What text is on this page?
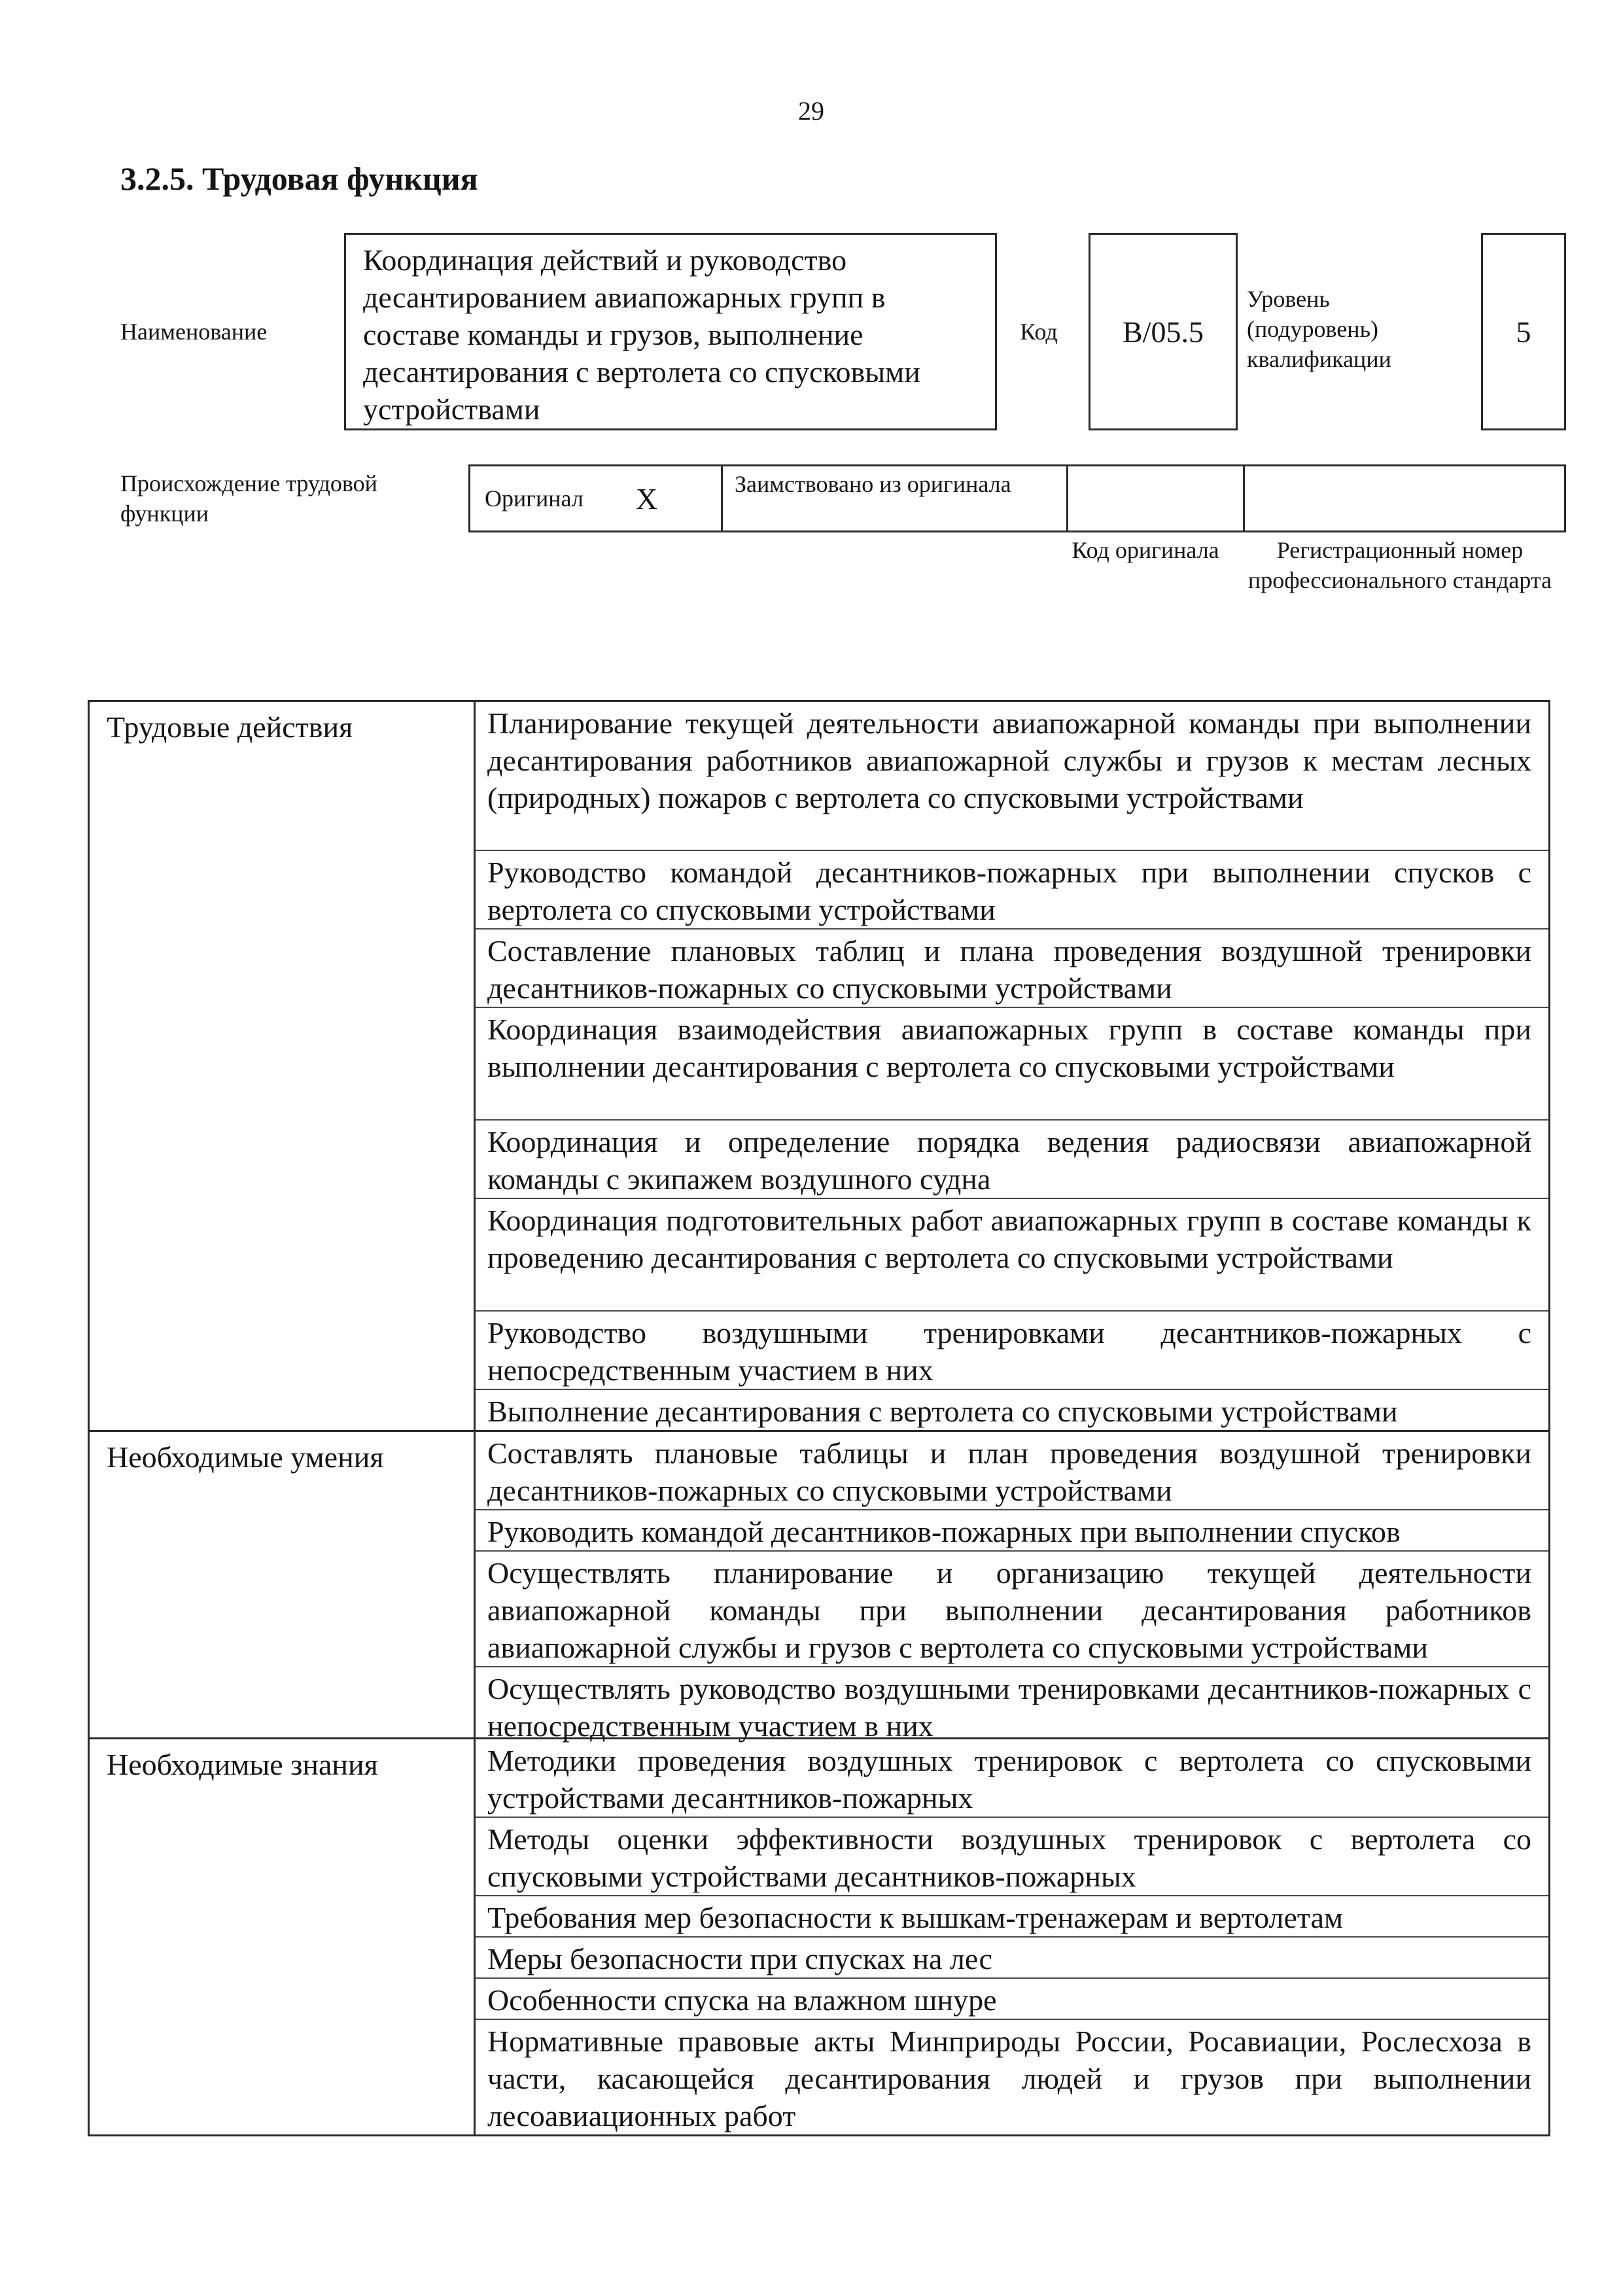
29
3.2.5. Трудовая функция
Наименование
Координация действий и руководство десантированием авиапожарных групп в составе команды и грузов, выполнение десантирования с вертолета со спусковыми устройствами
Код	В/05.5
Уровень (подуровень) квалификации
5
Происхождение трудовой функции
Оригинал X	Заимствовано из оригинала
Код оригинала	Регистрационный номер профессионального стандарта
Трудовые действия	Планирование текущей деятельности авиапожарной команды при выполнении десантирования работников авиапожарной службы и грузов к местам лесных (природных) пожаров с вертолета со спусковыми устройствами
Руководство командой десантников-пожарных при выполнении спусков с вертолета со спусковыми устройствами
Составление плановых таблиц и плана проведения воздушной тренировки десантников-пожарных со спусковыми устройствами
Координация взаимодействия авиапожарных групп в составе команды при выполнении десантирования с вертолета со спусковыми устройствами
Координация и определение порядка ведения радиосвязи авиапожарной команды с экипажем воздушного судна
Координация подготовительных работ авиапожарных групп в составе команды к проведению десантирования с вертолета со спусковыми устройствами
Руководство воздушными тренировками десантников-пожарных с непосредственным участием в них
Выполнение десантирования с вертолета со спусковыми устройствами
Необходимые умения	Составлять плановые таблицы и план проведения воздушной тренировки десантников-пожарных со спусковыми устройствами
Руководить командой десантников-пожарных при выполнении спусков
Осуществлять планирование и организацию текущей деятельности авиапожарной команды при выполнении десантирования работников авиапожарной службы и грузов с вертолета со спусковыми устройствами
Осуществлять руководство воздушными тренировками десантников-пожарных с непосредственным участием в них
Необходимые знания	Методики проведения воздушных тренировок с вертолета со спусковыми устройствами десантников-пожарных
Методы оценки эффективности воздушных тренировок с вертолета со спусковыми устройствами десантников-пожарных
Требования мер безопасности к вышкам-тренажерам и вертолетам
Меры безопасности при спусках на лес
Особенности спуска на влажном шнуре
Нормативные правовые акты Минприроды России, Росавиации, Рослесхоза в части, касающейся десантирования людей и грузов при выполнении лесоавиационных работ
